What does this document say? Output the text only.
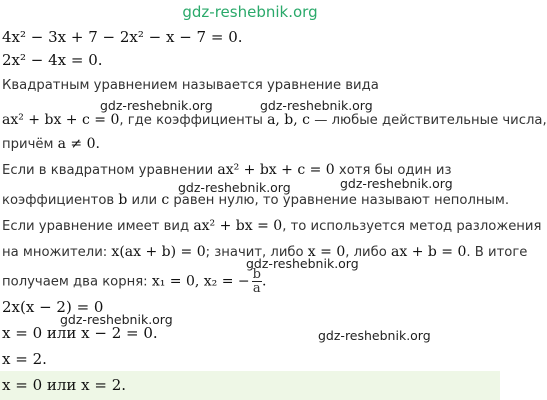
gdz-reshebnik.org
4x² − 3x + 7 − 2x² − x − 7 = 0.
2x² − 4x = 0.
Квадратным уравнением называется уравнение вида
ax² + bx + c = 0, где коэффициенты a, b, c — любые действительные числа,
причём a ≠ 0.
Если в квадратном уравнении ax² + bx + c = 0 хотя бы один из
коэффициентов b или c равен нулю, то уравнение называют неполным.
Если уравнение имеет вид ax² + bx = 0, то используется метод разложения
на множители: x(ax + b) = 0; значит, либо x = 0, либо ax + b = 0. В итоге
получаем два корня: x₁ = 0, x₂ = − $\frac{b}{a}$ .
2x(x − 2) = 0
x = 0 или x − 2 = 0.
x = 2.
x = 0 или x = 2.
gdz-reshebnik.org	gdz-reshebnik.org
gdz-reshebnik.org	gdz-reshebnik.org
gdz-reshebnik.org
gdz-reshebnik.org
gdz-reshebnik.org
